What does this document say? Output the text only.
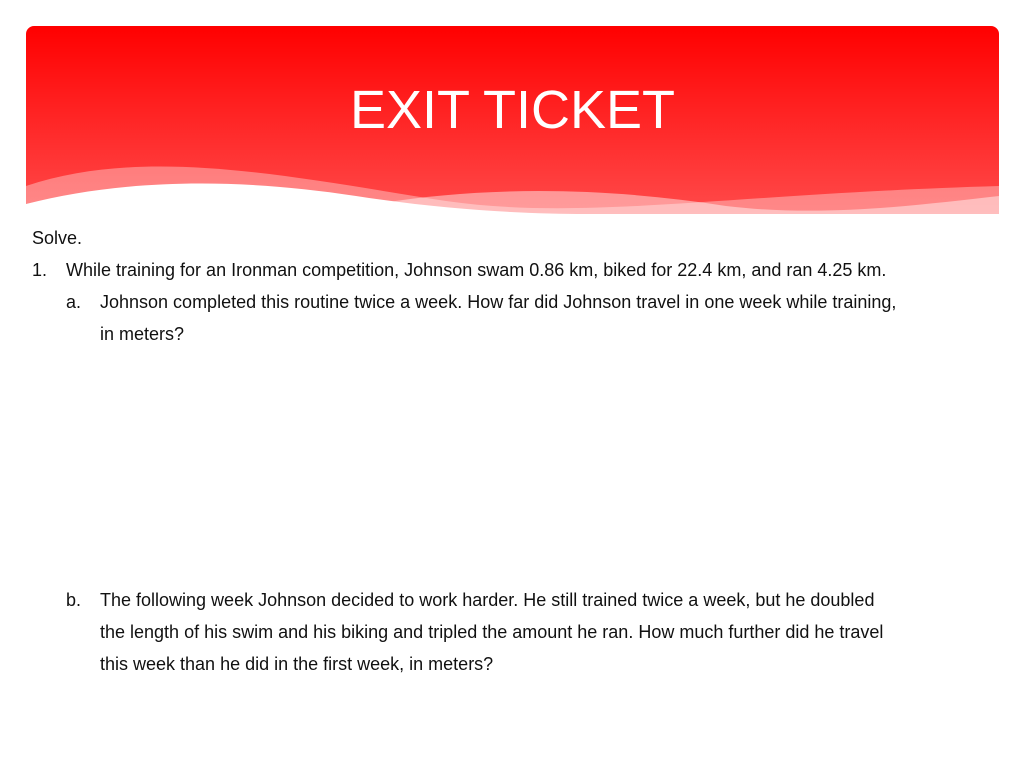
EXIT TICKET
Solve.
1. While training for an Ironman competition, Johnson swam 0.86 km, biked for 22.4 km, and ran 4.25 km.
a. Johnson completed this routine twice a week. How far did Johnson travel in one week while training,
in meters?
b. The following week Johnson decided to work harder. He still trained twice a week, but he doubled
the length of his swim and his biking and tripled the amount he ran. How much further did he travel
this week than he did in the first week, in meters?
